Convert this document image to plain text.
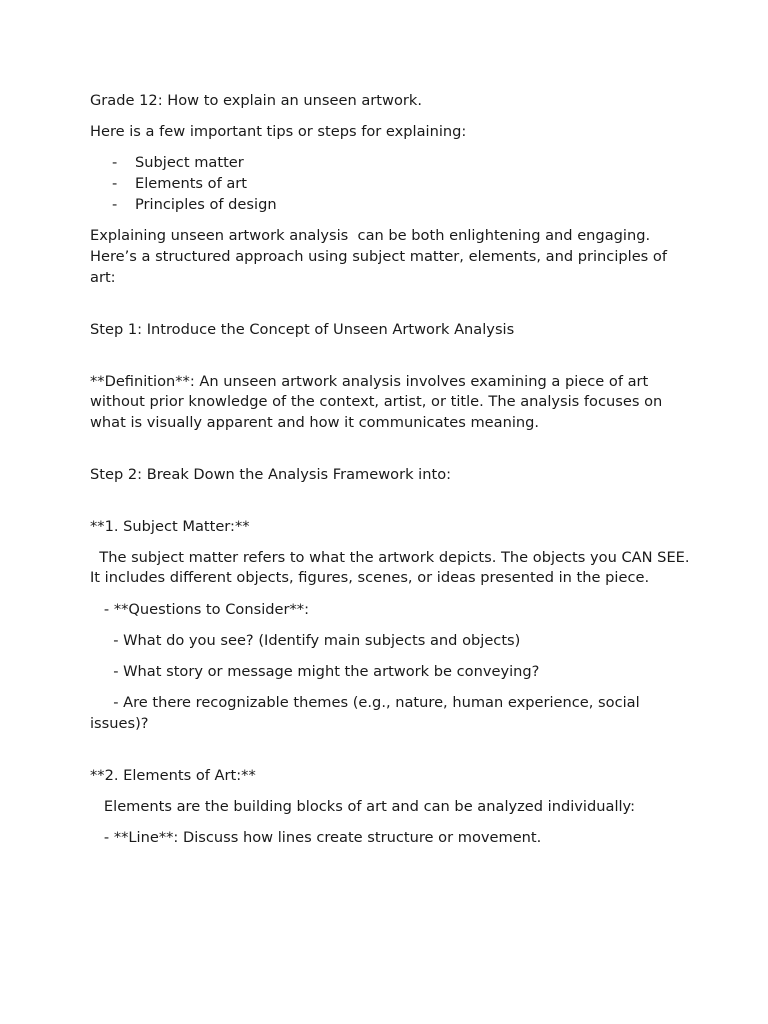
Grade 12: How to explain an unseen artwork.

Here is a few important tips or steps for explaining:

- Subject matter
- Elements of art
- Principles of design

Explaining unseen artwork analysis  can be both enlightening and engaging. Here’s a structured approach using subject matter, elements, and principles of art:

Step 1: Introduce the Concept of Unseen Artwork Analysis

**Definition**: An unseen artwork analysis involves examining a piece of art without prior knowledge of the context, artist, or title. The analysis focuses on what is visually apparent and how it communicates meaning.

Step 2: Break Down the Analysis Framework into:

**1. Subject Matter:**

The subject matter refers to what the artwork depicts. The objects you CAN SEE. It includes different objects, figures, scenes, or ideas presented in the piece.

- **Questions to Consider**:

- What do you see? (Identify main subjects and objects)

- What story or message might the artwork be conveying?

- Are there recognizable themes (e.g., nature, human experience, social issues)?

**2. Elements of Art:**

Elements are the building blocks of art and can be analyzed individually:

- **Line**: Discuss how lines create structure or movement.
